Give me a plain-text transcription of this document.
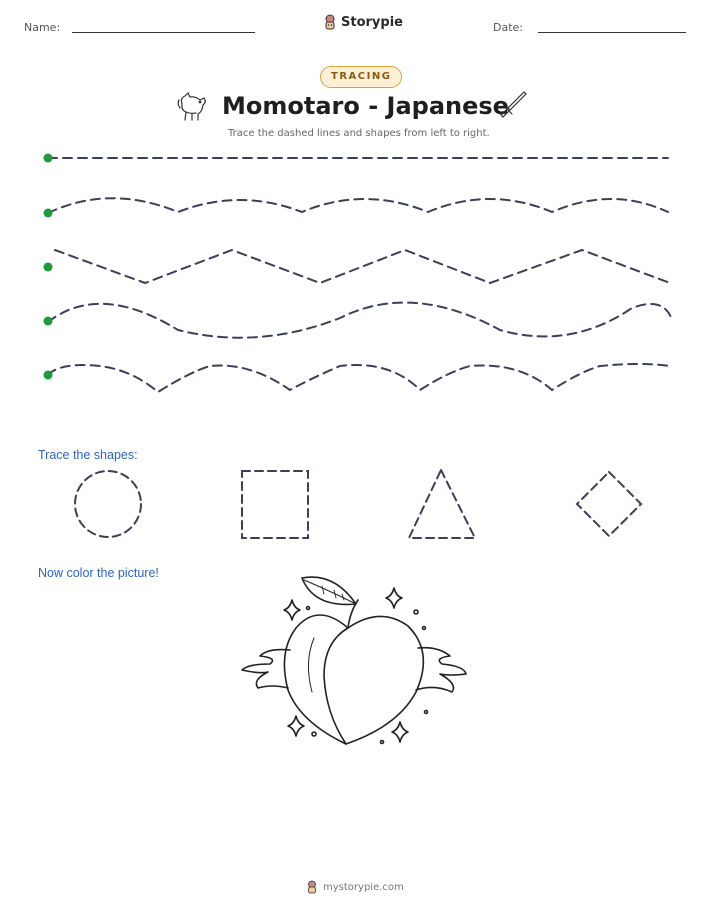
Name:	Storypie	Date:
TRACING
Momotaro - Japanese
Trace the dashed lines and shapes from left to right.
Trace the shapes:
Now color the picture!
mystorypie.com
